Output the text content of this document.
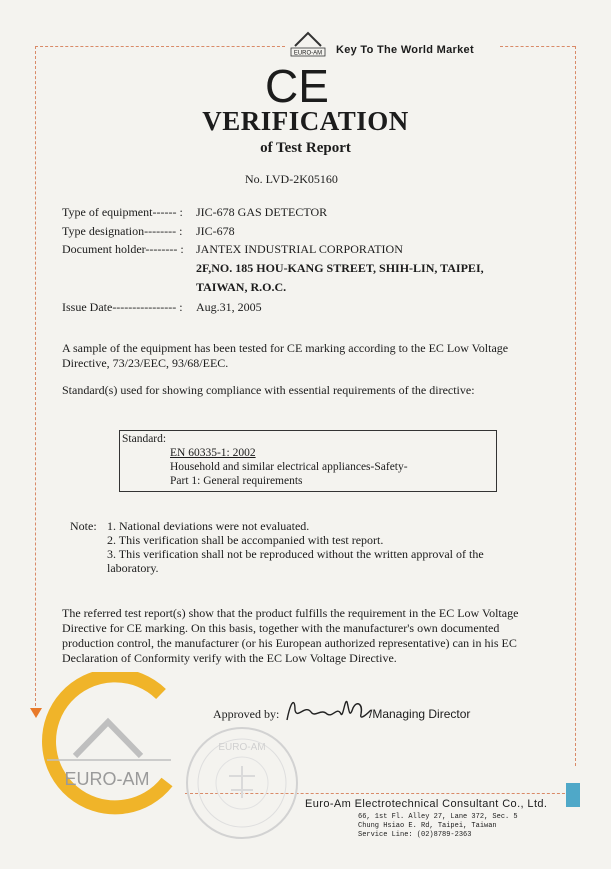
EURO-AM Key To The World Market
CE
VERIFICATION
of Test Report
No. LVD-2K05160
Type of equipment------ : JIC-678 GAS DETECTOR
Type designation-------- : JIC-678
Document holder-------- : JANTEX INDUSTRIAL CORPORATION
2F,NO. 185 HOU-KANG STREET, SHIH-LIN, TAIPEI,
TAIWAN, R.O.C.
Issue Date---------------- : Aug.31, 2005
A sample of the equipment has been tested for CE marking according to the EC Low Voltage
Directive, 73/23/EEC, 93/68/EEC.
Standard(s) used for showing compliance with essential requirements of the directive:
Standard:
EN 60335-1: 2002
Household and similar electrical appliances-Safety-
Part 1: General requirements
Note: 1. National deviations were not evaluated.
2. This verification shall be accompanied with test report.
3. This verification shall not be reproduced without the written approval of the
laboratory.
The referred test report(s) show that the product fulfills the requirement in the EC Low Voltage
Directive for CE marking. On this basis, together with the manufacturer's own documented
production control, the manufacturer (or his European authorized representative) can in his EC
Declaration of Conformity verify with the EC Low Voltage Directive.
EURO-AM
EURO-AM
Approved by:	/Managing Director
Euro-Am Electrotechnical Consultant Co., Ltd.
66, 1st Fl. Alley 27, Lane 372, Sec. 5
Chung Hsiao E. Rd, Taipei, Taiwan
Service Line: (02)8789-2363
